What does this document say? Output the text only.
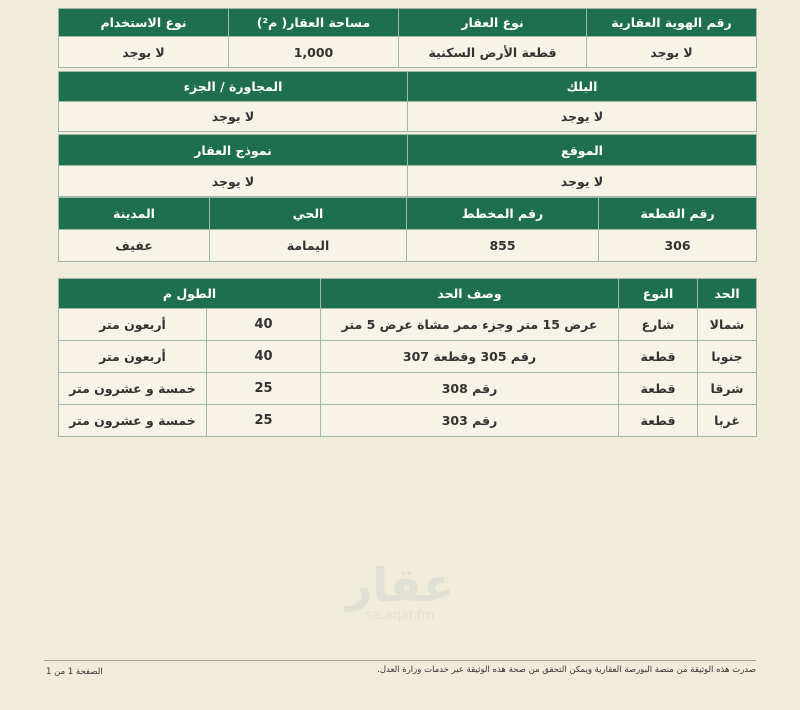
رقم الهوية العقارية	نوع العقار	مساحة العقار( م²)	نوع الاستخدام
لا يوجد	قطعة الأرض السكنية	1,000	لا يوجد
البلك	المجاورة / الجزء
لا يوجد	لا يوجد
الموقع	نموذج العقار
لا يوجد	لا يوجد
رقم القطعة	رقم المخطط	الحي	المدينة
306	855	اليمامة	عفيف
الحد	النوع	وصف الحد	الطول م	
شمالا	شارع	عرض 15 متر وجزء ممر مشاة عرض 5 متر	40	أربعون متر
جنوبا	قطعة	رقم 305 وقطعة 307	40	أربعون متر
شرقا	قطعة	رقم 308	25	خمسة و عشرون متر
غربا	قطعة	رقم 303	25	خمسة و عشرون متر
عقار
sa.aqar.fm
صدرت هذه الوثيقة من منصة البورصة العقارية ويمكن التحقق من صحة هذه الوثيقة عبر خدمات وزارة العدل.
الصفحة 1 من 1
